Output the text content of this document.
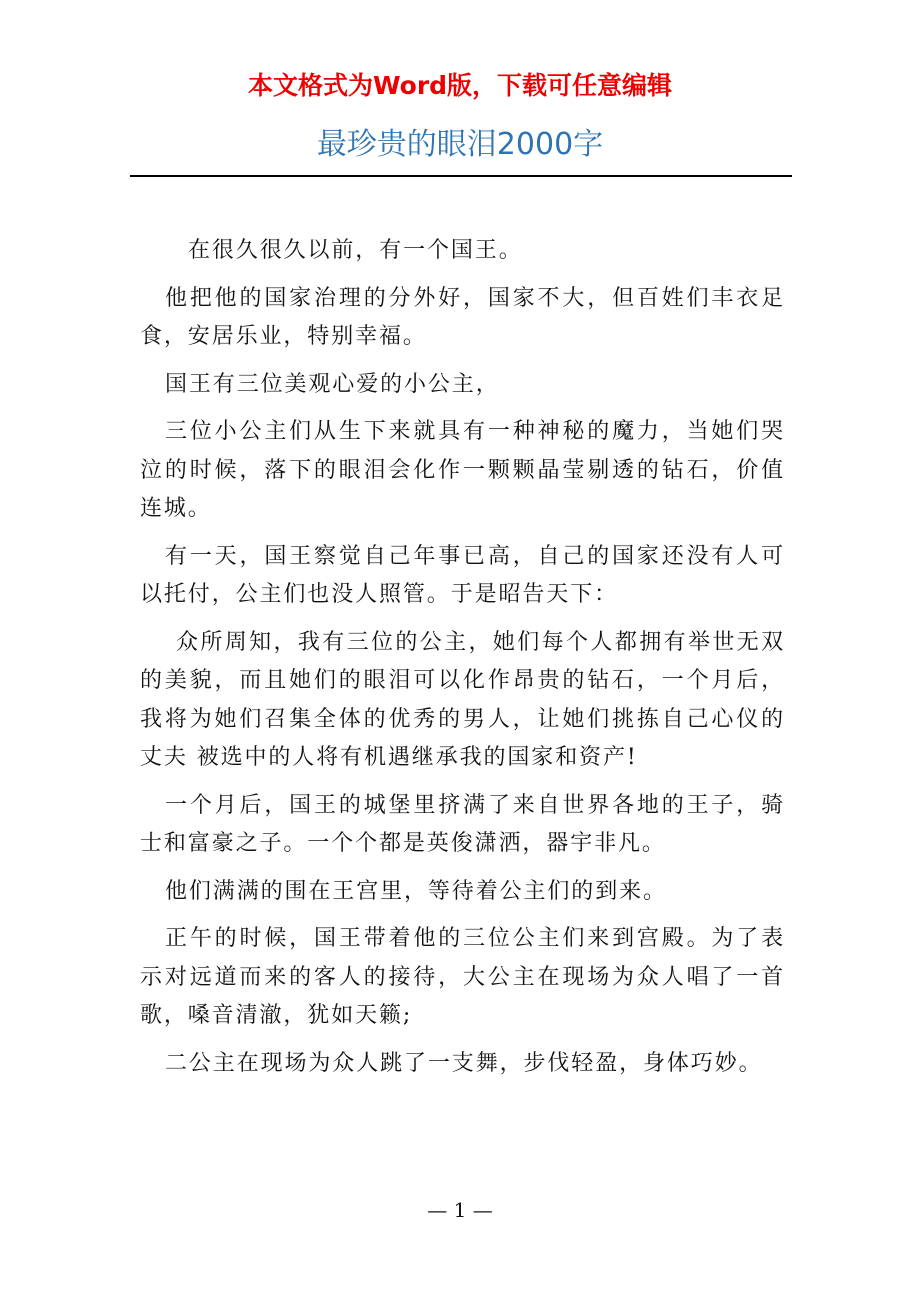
本文格式为Word版，下载可任意编辑
最珍贵的眼泪2000字

在很久很久以前，有一个国王。

他把他的国家治理的分外好，国家不大，但百姓们丰衣足食，安居乐业，特别幸福。

国王有三位美观心爱的小公主，

三位小公主们从生下来就具有一种神秘的魔力，当她们哭泣的时候，落下的眼泪会化作一颗颗晶莹剔透的钻石，价值连城。

有一天，国王察觉自己年事已高，自己的国家还没有人可以托付，公主们也没人照管。于是昭告天下：

众所周知，我有三位的公主，她们每个人都拥有举世无双的美貌，而且她们的眼泪可以化作昂贵的钻石，一个月后，我将为她们召集全体的优秀的男人，让她们挑拣自己心仪的丈夫 被选中的人将有机遇继承我的国家和资产!

一个月后，国王的城堡里挤满了来自世界各地的王子，骑士和富豪之子。一个个都是英俊潇洒，器宇非凡。

他们满满的围在王宫里，等待着公主们的到来。

正午的时候，国王带着他的三位公主们来到宫殿。为了表示对远道而来的客人的接待，大公主在现场为众人唱了一首歌，嗓音清澈，犹如天籁;

二公主在现场为众人跳了一支舞，步伐轻盈，身体巧妙。

— 1 —
